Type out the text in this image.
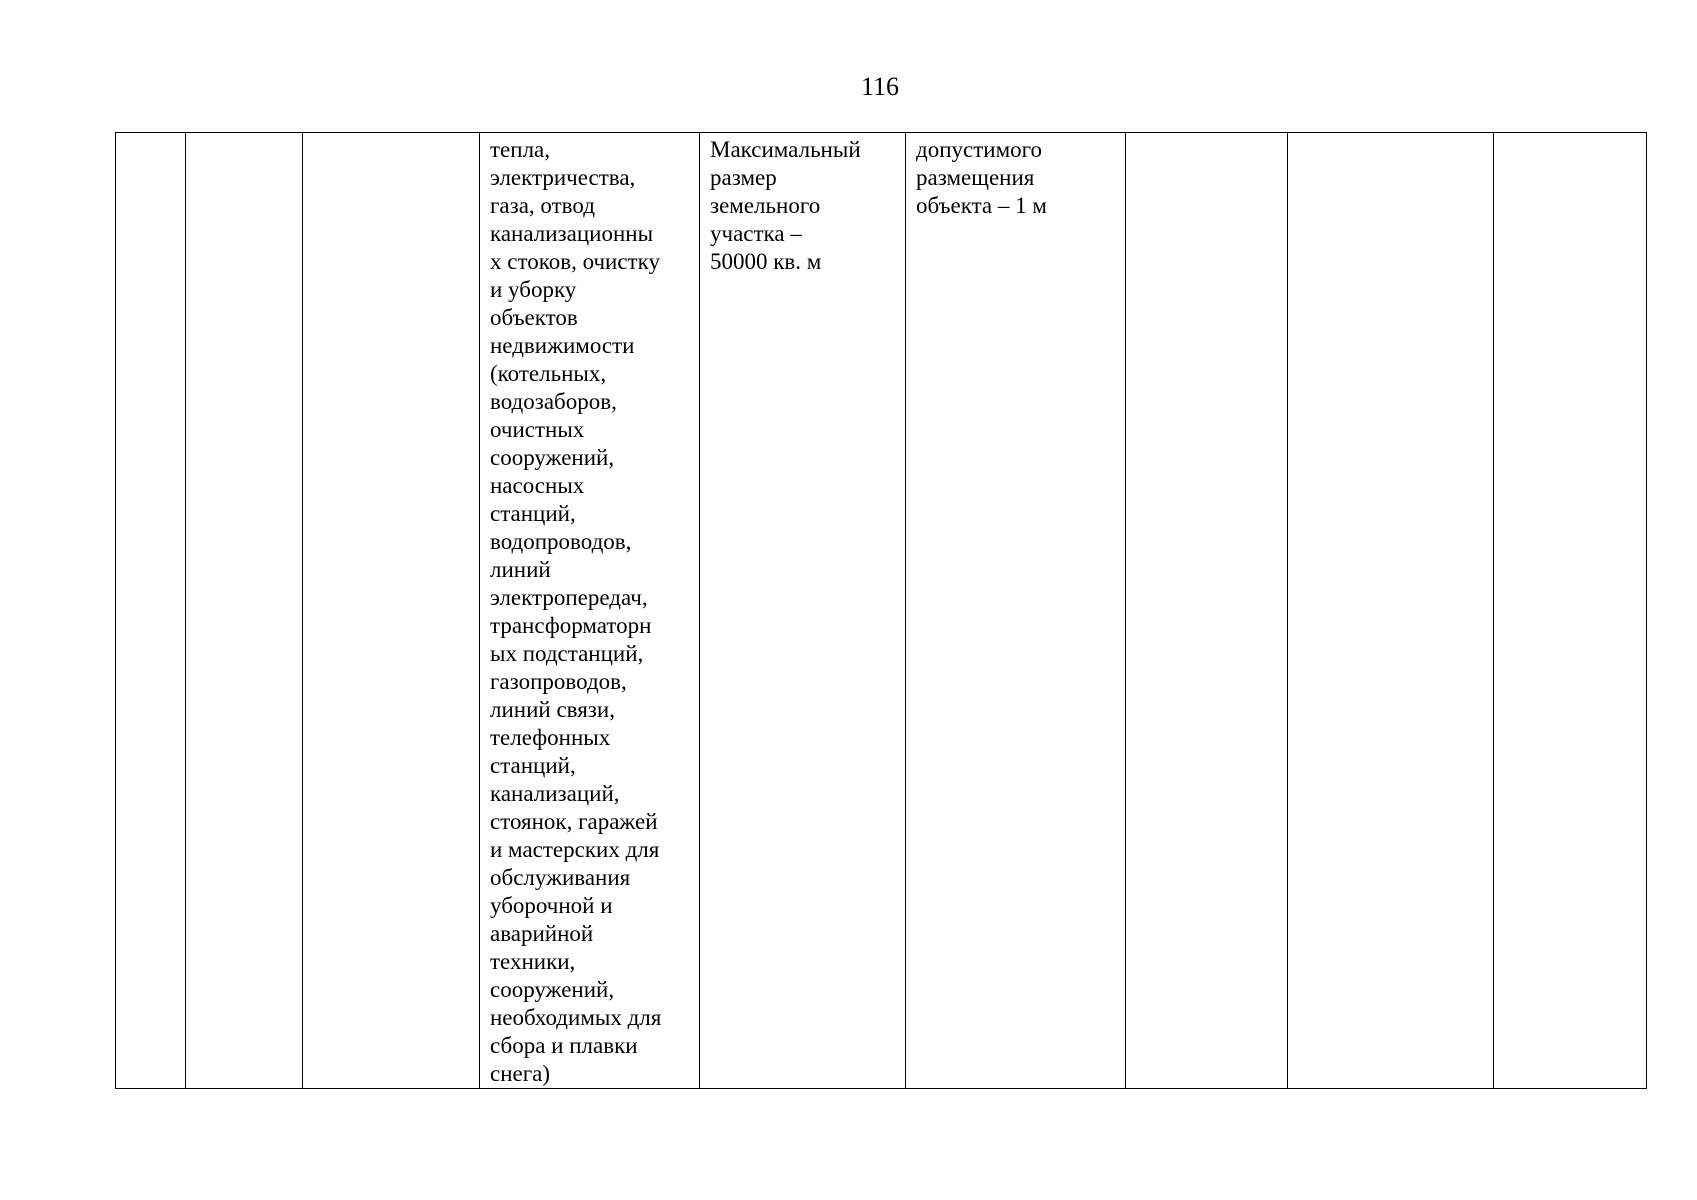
116
			тепла,
электричества,
газа, отвод
канализационны
х стоков, очистку
и уборку
объектов
недвижимости
(котельных,
водозаборов,
очистных
сооружений,
насосных
станций,
водопроводов,
линий
электропередач,
трансформаторн
ых подстанций,
газопроводов,
линий связи,
телефонных
станций,
канализаций,
стоянок, гаражей
и мастерских для
обслуживания
уборочной и
аварийной
техники,
сооружений,
необходимых для
сбора и плавки
снега)	Максимальный
размер
земельного
участка –
50000 кв. м	допустимого
размещения
объекта – 1 м			
